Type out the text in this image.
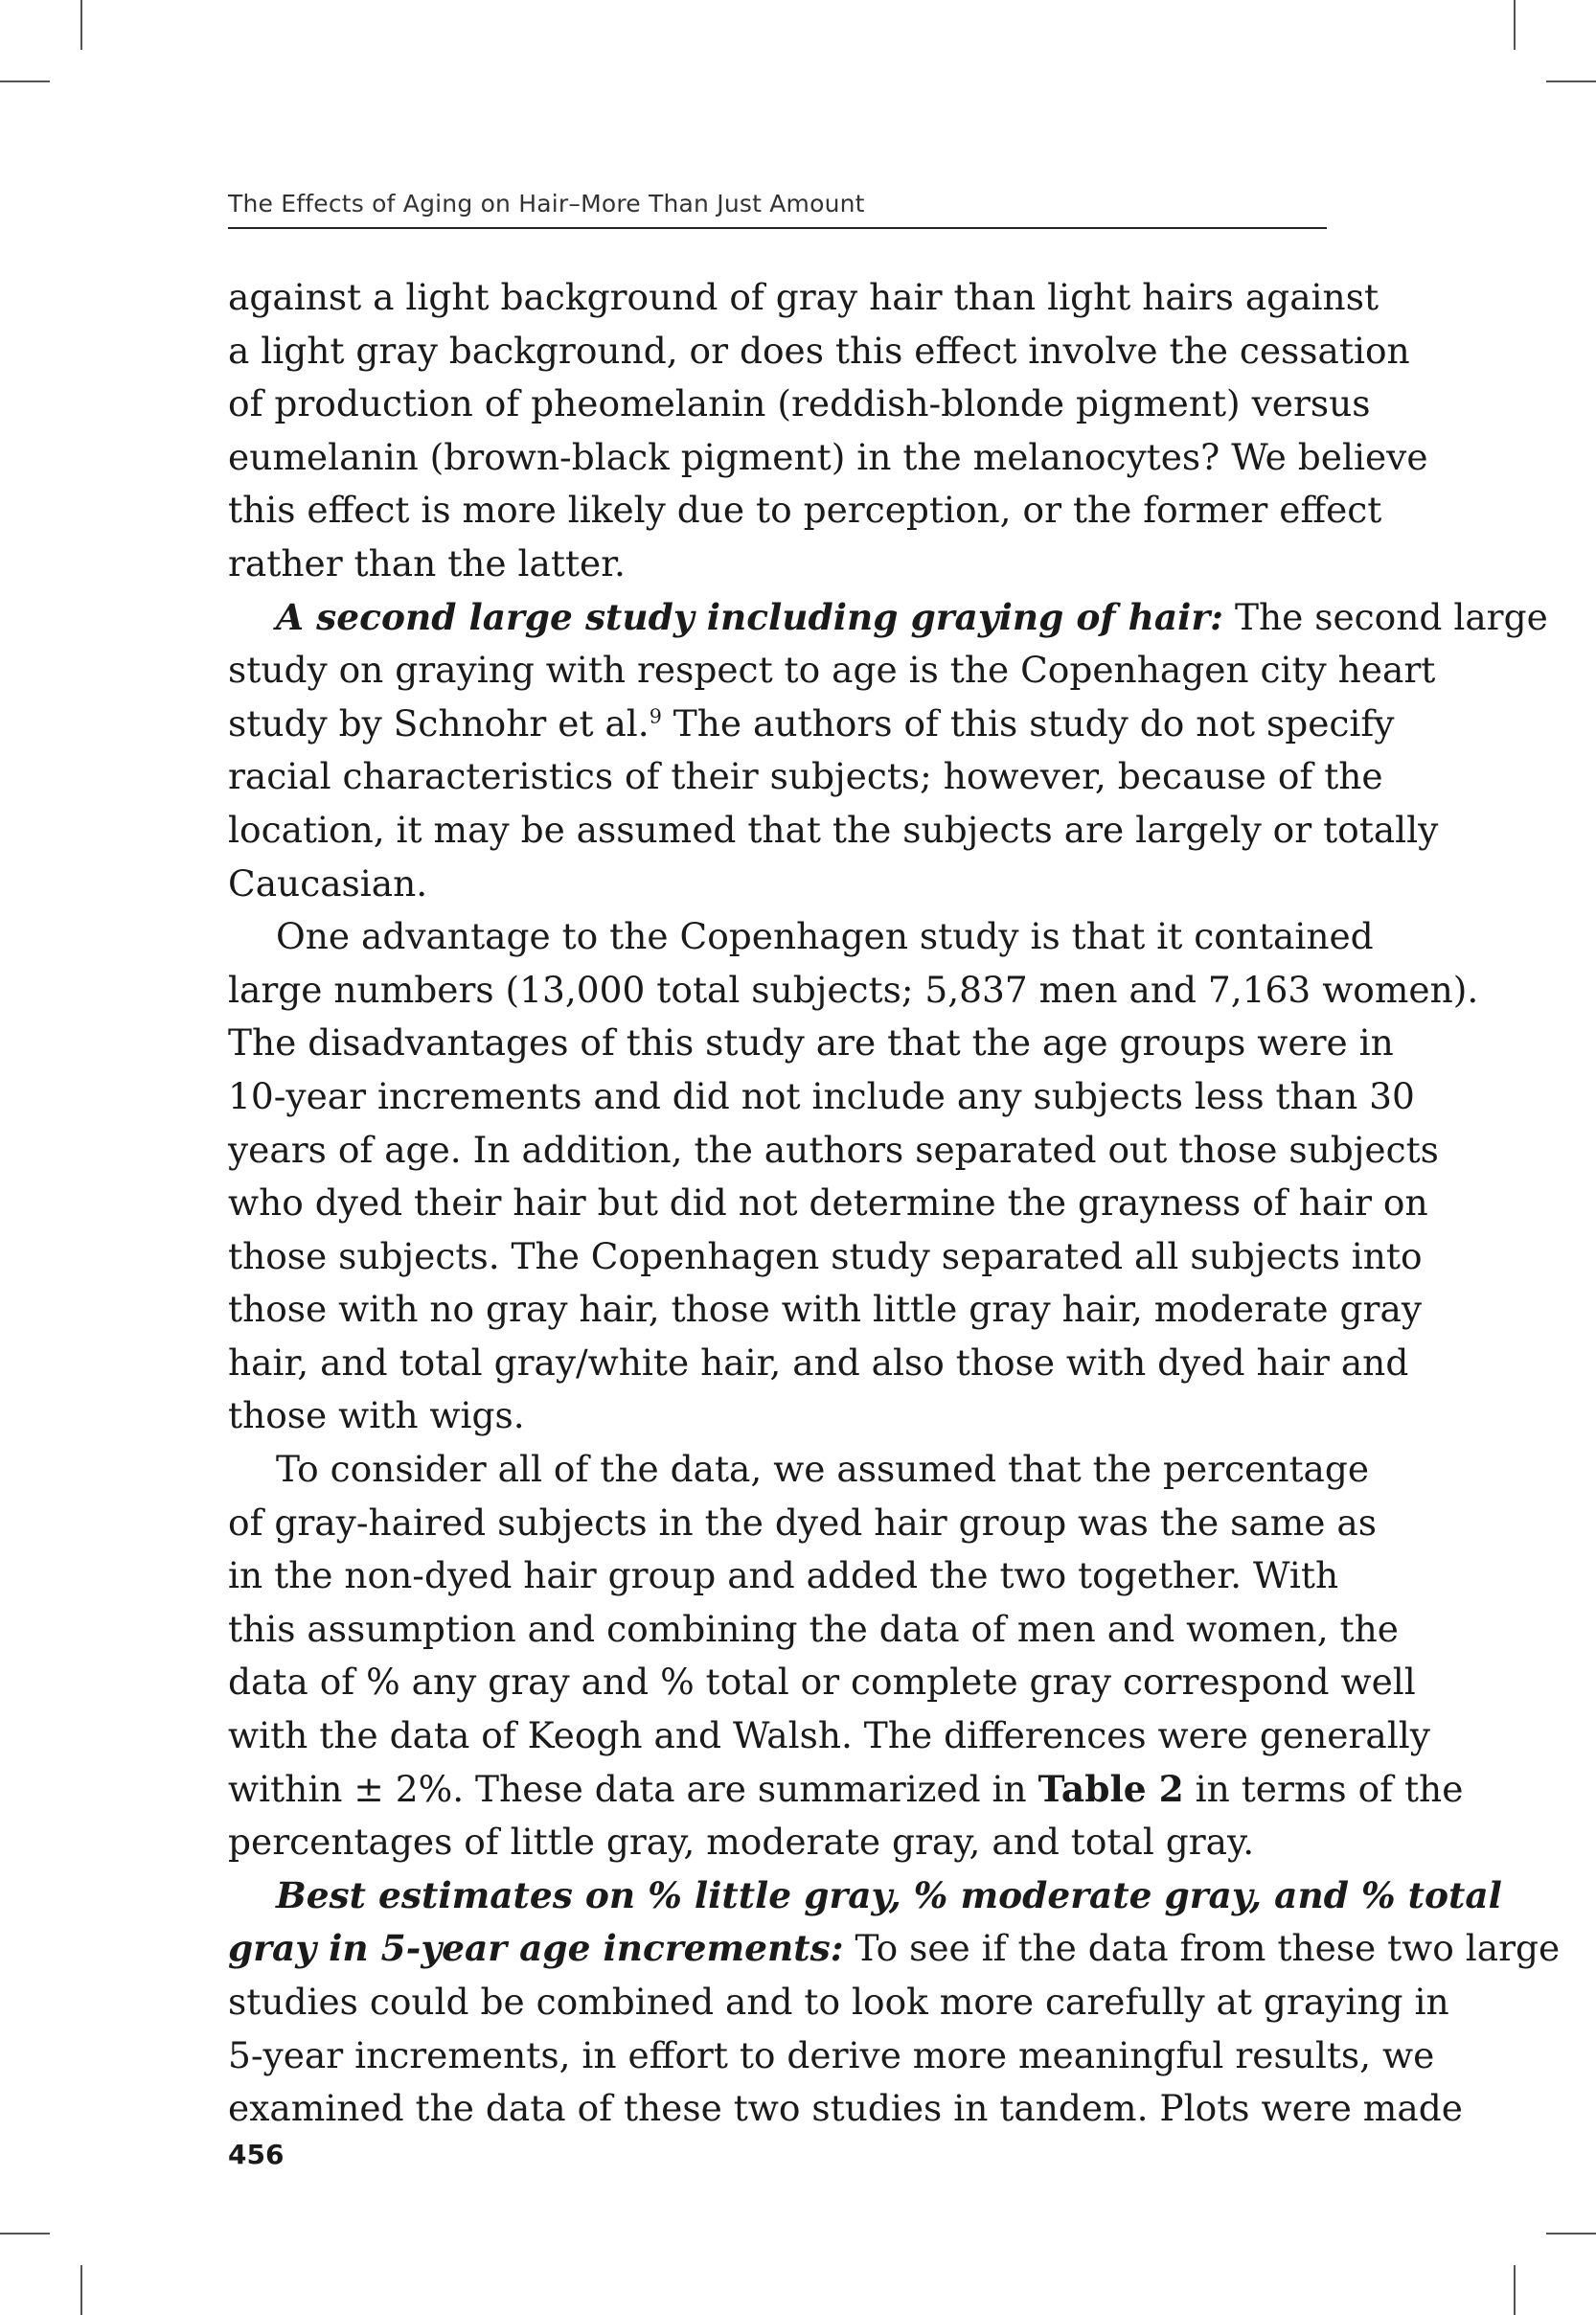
The Effects of Aging on Hair–More Than Just Amount
against a light background of gray hair than light hairs against
a light gray background, or does this effect involve the cessation
of production of pheomelanin (reddish-blonde pigment) versus
eumelanin (brown-black pigment) in the melanocytes? We believe
this effect is more likely due to perception, or the former effect
rather than the latter.
A second large study including graying of hair: The second large
study on graying with respect to age is the Copenhagen city heart
study by Schnohr et al.$^9$ The authors of this study do not specify
racial characteristics of their subjects; however, because of the
location, it may be assumed that the subjects are largely or totally
Caucasian.
One advantage to the Copenhagen study is that it contained
large numbers (13,000 total subjects; 5,837 men and 7,163 women).
The disadvantages of this study are that the age groups were in
10-year increments and did not include any subjects less than 30
years of age. In addition, the authors separated out those subjects
who dyed their hair but did not determine the grayness of hair on
those subjects. The Copenhagen study separated all subjects into
those with no gray hair, those with little gray hair, moderate gray
hair, and total gray/white hair, and also those with dyed hair and
those with wigs.
To consider all of the data, we assumed that the percentage
of gray-haired subjects in the dyed hair group was the same as
in the non-dyed hair group and added the two together. With
this assumption and combining the data of men and women, the
data of % any gray and % total or complete gray correspond well
with the data of Keogh and Walsh. The differences were generally
within ± 2%. These data are summarized in Table 2 in terms of the
percentages of little gray, moderate gray, and total gray.
Best estimates on % little gray, % moderate gray, and % total
gray in 5-year age increments: To see if the data from these two large
studies could be combined and to look more carefully at graying in
5-year increments, in effort to derive more meaningful results, we
examined the data of these two studies in tandem. Plots were made
456
